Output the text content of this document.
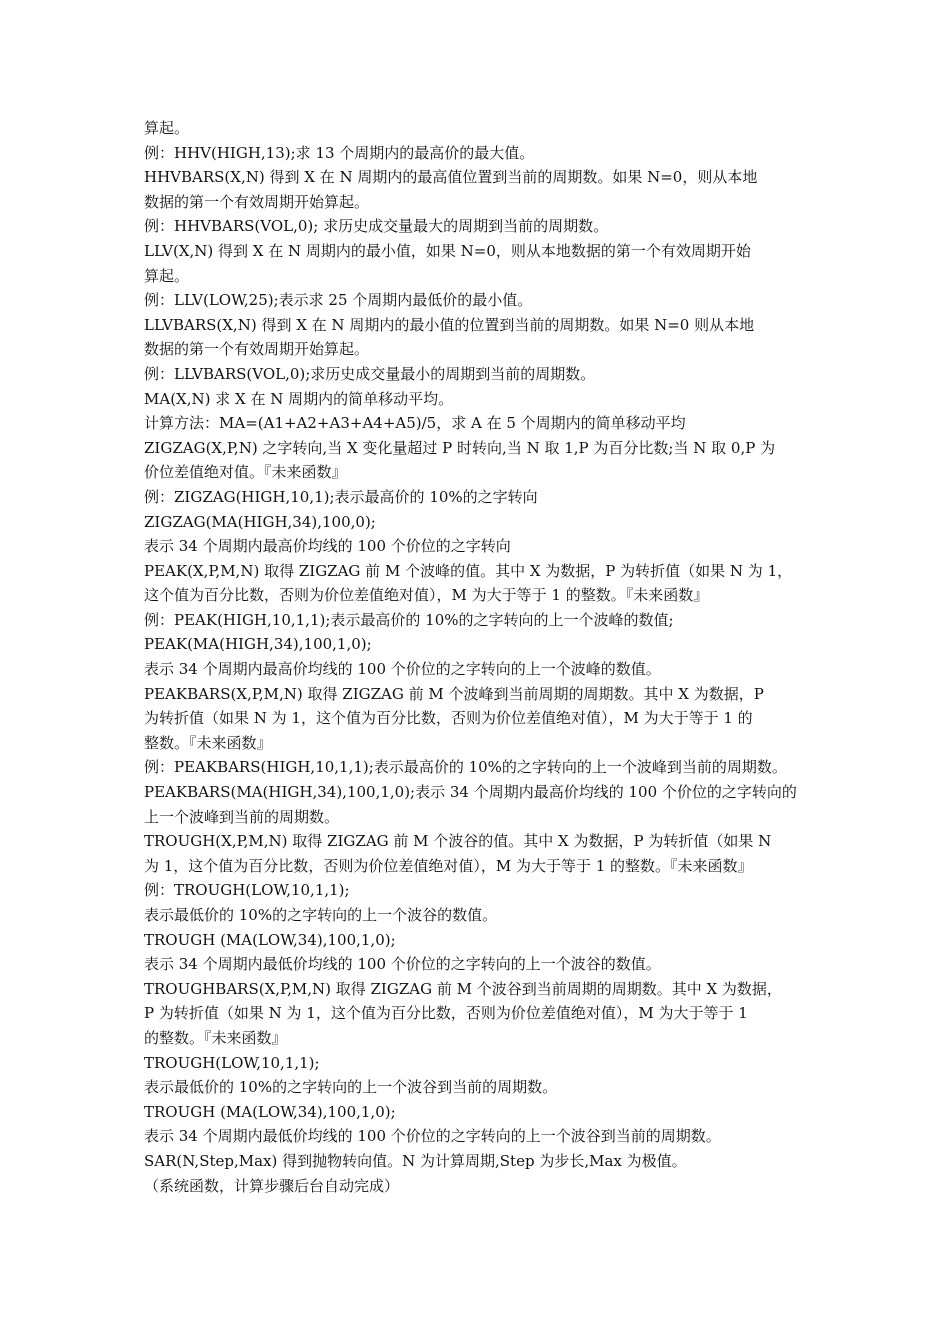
算起。
例：HHV(HIGH,13);求 13 个周期内的最高价的最大值。
HHVBARS(X,N) 得到 X 在 N 周期内的最高值位置到当前的周期数。如果 N=0，则从本地
数据的第一个有效周期开始算起。
例：HHVBARS(VOL,0); 求历史成交量最大的周期到当前的周期数。
LLV(X,N) 得到 X 在 N 周期内的最小值，如果 N=0，则从本地数据的第一个有效周期开始
算起。
例：LLV(LOW,25);表示求 25 个周期内最低价的最小值。
LLVBARS(X,N) 得到 X 在 N 周期内的最小值的位置到当前的周期数。如果 N=0 则从本地
数据的第一个有效周期开始算起。
例：LLVBARS(VOL,0);求历史成交量最小的周期到当前的周期数。
MA(X,N) 求 X 在 N 周期内的简单移动平均。
计算方法：MA=(A1+A2+A3+A4+A5)/5，求 A 在 5 个周期内的简单移动平均
ZIGZAG(X,P,N) 之字转向,当 X 变化量超过 P 时转向,当 N 取 1,P 为百分比数;当 N 取 0,P 为
价位差值绝对值。『未来函数』
例：ZIGZAG(HIGH,10,1);表示最高价的 10%的之字转向
ZIGZAG(MA(HIGH,34),100,0);
表示 34 个周期内最高价均线的 100 个价位的之字转向
PEAK(X,P,M,N) 取得 ZIGZAG 前 M 个波峰的值。其中 X 为数据，P 为转折值（如果 N 为 1，
这个值为百分比数，否则为价位差值绝对值），M 为大于等于 1 的整数。『未来函数』
例：PEAK(HIGH,10,1,1);表示最高价的 10%的之字转向的上一个波峰的数值;
PEAK(MA(HIGH,34),100,1,0);
表示 34 个周期内最高价均线的 100 个价位的之字转向的上一个波峰的数值。
PEAKBARS(X,P,M,N) 取得 ZIGZAG 前 M 个波峰到当前周期的周期数。其中 X 为数据，P
为转折值（如果 N 为 1，这个值为百分比数，否则为价位差值绝对值），M 为大于等于 1 的
整数。『未来函数』
例：PEAKBARS(HIGH,10,1,1);表示最高价的 10%的之字转向的上一个波峰到当前的周期数。
PEAKBARS(MA(HIGH,34),100,1,0);表示 34 个周期内最高价均线的 100 个价位的之字转向的
上一个波峰到当前的周期数。
TROUGH(X,P,M,N) 取得 ZIGZAG 前 M 个波谷的值。其中 X 为数据，P 为转折值（如果 N
为 1，这个值为百分比数，否则为价位差值绝对值），M 为大于等于 1 的整数。『未来函数』
例：TROUGH(LOW,10,1,1);
表示最低价的 10%的之字转向的上一个波谷的数值。
TROUGH (MA(LOW,34),100,1,0);
表示 34 个周期内最低价均线的 100 个价位的之字转向的上一个波谷的数值。
TROUGHBARS(X,P,M,N) 取得 ZIGZAG 前 M 个波谷到当前周期的周期数。其中 X 为数据，
P 为转折值（如果 N 为 1，这个值为百分比数，否则为价位差值绝对值），M 为大于等于 1
的整数。『未来函数』
TROUGH(LOW,10,1,1);
表示最低价的 10%的之字转向的上一个波谷到当前的周期数。
TROUGH (MA(LOW,34),100,1,0);
表示 34 个周期内最低价均线的 100 个价位的之字转向的上一个波谷到当前的周期数。
SAR(N,Step,Max) 得到抛物转向值。N 为计算周期,Step 为步长,Max 为极值。
（系统函数，计算步骤后台自动完成）
